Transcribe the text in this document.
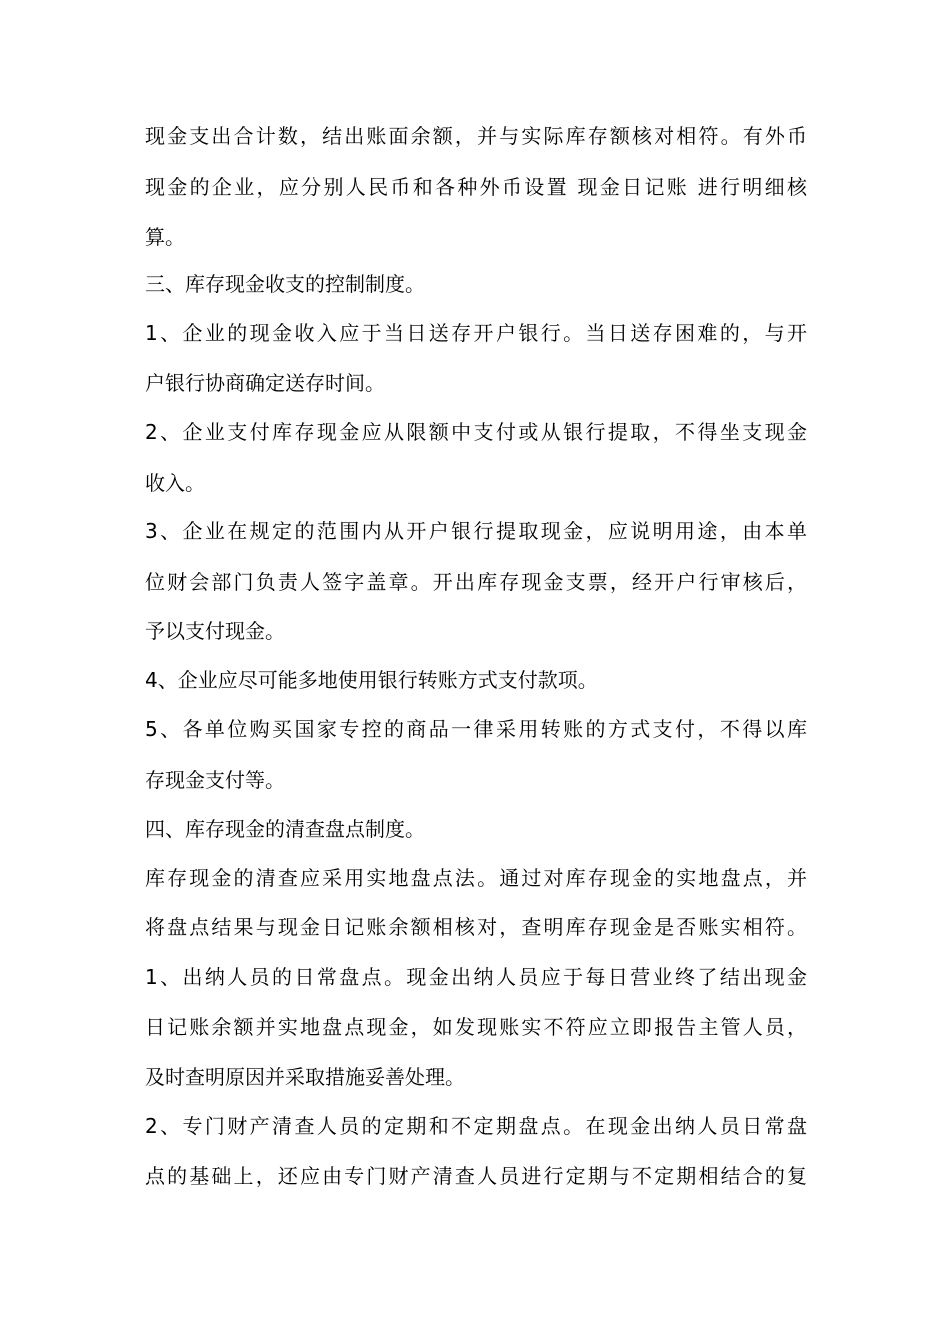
现金支出合计数，结出账面余额，并与实际库存额核对相符。有外币
现金的企业，应分别人民币和各种外币设置 现金日记账 进行明细核
算。
三、库存现金收支的控制制度。
1、企业的现金收入应于当日送存开户银行。当日送存困难的，与开
户银行协商确定送存时间。
2、企业支付库存现金应从限额中支付或从银行提取，不得坐支现金
收入。
3、企业在规定的范围内从开户银行提取现金，应说明用途，由本单
位财会部门负责人签字盖章。开出库存现金支票，经开户行审核后，
予以支付现金。
4、企业应尽可能多地使用银行转账方式支付款项。
5、各单位购买国家专控的商品一律采用转账的方式支付，不得以库
存现金支付等。
四、库存现金的清查盘点制度。
库存现金的清查应采用实地盘点法。通过对库存现金的实地盘点，并
将盘点结果与现金日记账余额相核对，查明库存现金是否账实相符。
1、出纳人员的日常盘点。现金出纳人员应于每日营业终了结出现金
日记账余额并实地盘点现金，如发现账实不符应立即报告主管人员，
及时查明原因并采取措施妥善处理。
2、专门财产清查人员的定期和不定期盘点。在现金出纳人员日常盘
点的基础上，还应由专门财产清查人员进行定期与不定期相结合的复
